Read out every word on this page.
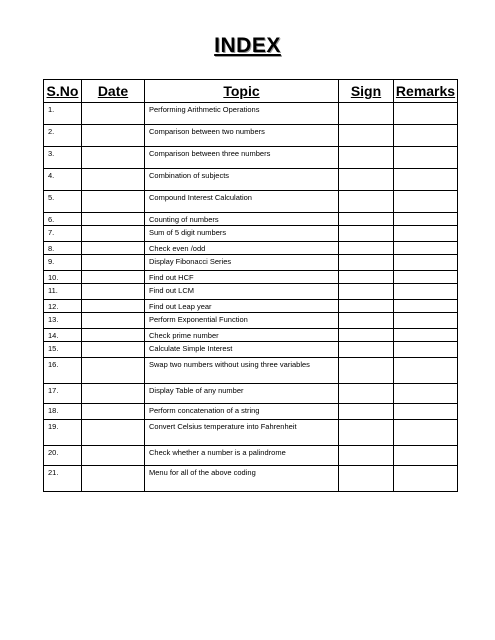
INDEX
S.No	Date	Topic	Sign	Remarks
1.		Performing Arithmetic Operations		
2.		Comparison between two numbers		
3.		Comparison between three numbers		
4.		Combination of subjects		
5.		Compound Interest Calculation		
6.		Counting of numbers		
7.		Sum of 5 digit numbers		
8.		Check even /odd		
9.		Display Fibonacci Series		
10.		Find out HCF		
11.		Find out LCM		
12.		Find out Leap year		
13.		Perform Exponential Function		
14.		Check prime number		
15.		Calculate Simple Interest		
16.		Swap two numbers without using three variables		
17.		Display Table of any number		
18.		Perform concatenation of a string		
19.		Convert Celsius temperature into Fahrenheit		
20.		Check whether a number is a palindrome		
21.		Menu for all of the above coding		
